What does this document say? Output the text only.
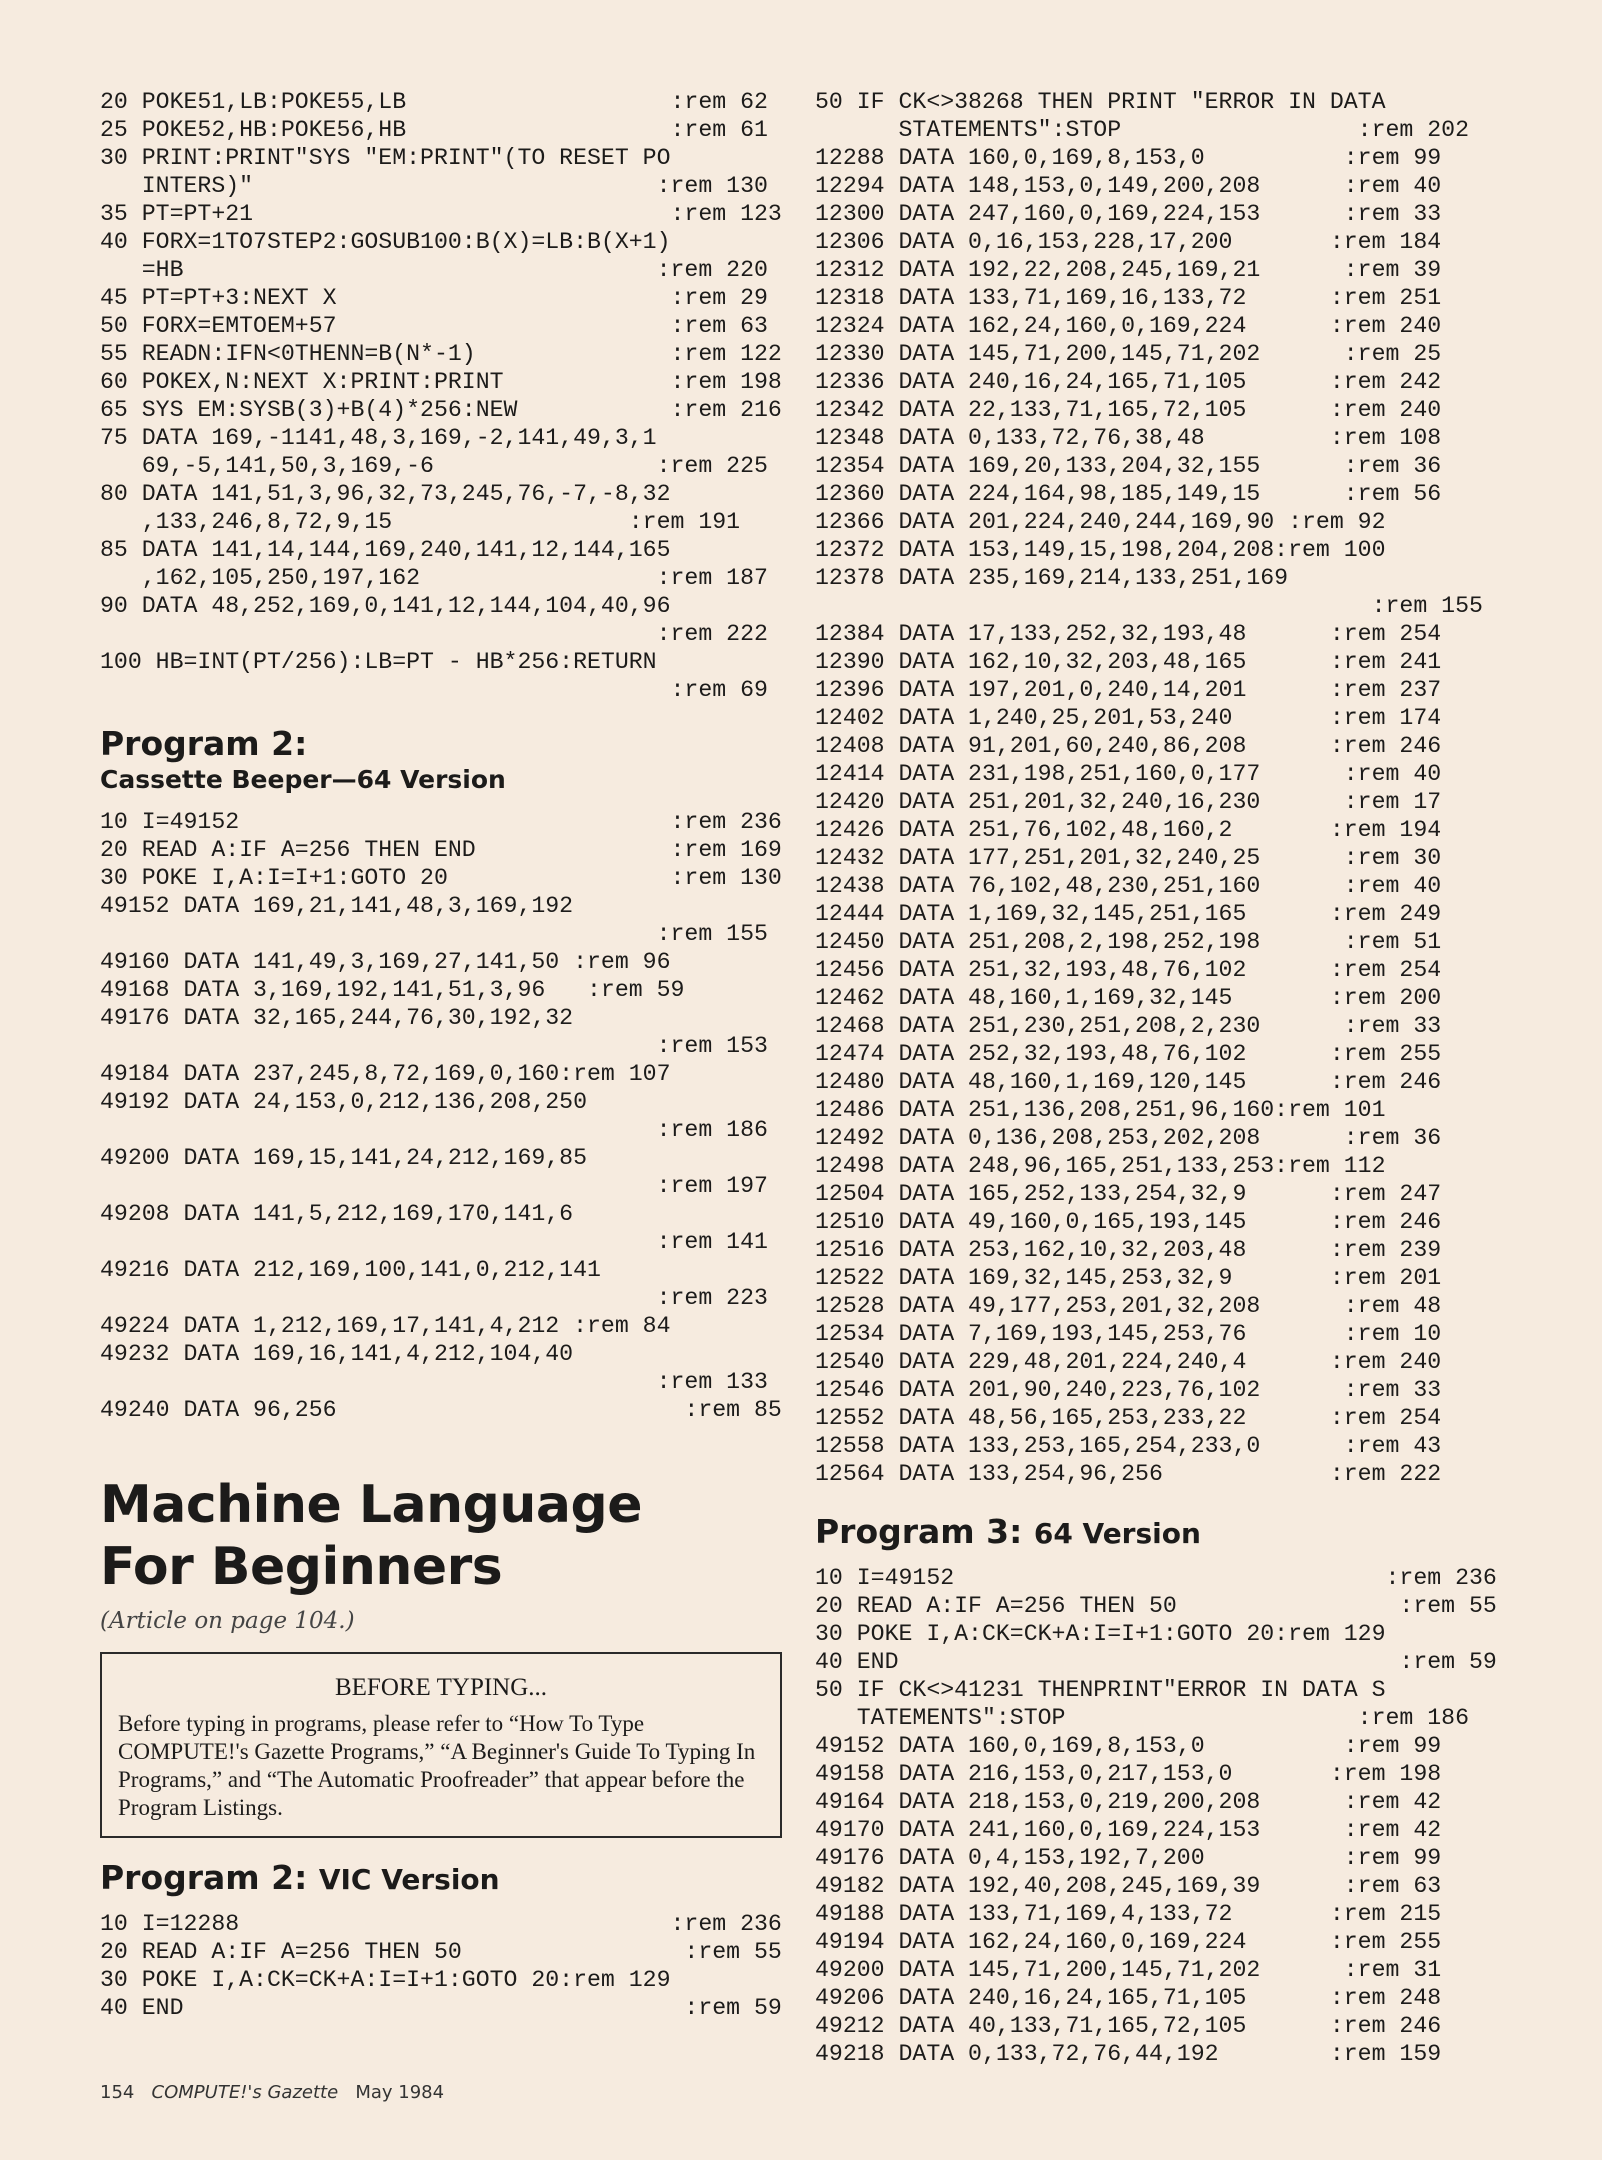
20 POKE51,LB:POKE55,LB                   :rem 62
25 POKE52,HB:POKE56,HB                   :rem 61
30 PRINT:PRINT"SYS "EM:PRINT"(TO RESET PO
INTERS)"                             :rem 130
35 PT=PT+21                              :rem 123
40 FORX=1TO7STEP2:GOSUB100:B(X)=LB:B(X+1)
=HB                                  :rem 220
45 PT=PT+3:NEXT X                        :rem 29
50 FORX=EMTOEM+57                        :rem 63
55 READN:IFN<0THENN=B(N*-1)              :rem 122
60 POKEX,N:NEXT X:PRINT:PRINT            :rem 198
65 SYS EM:SYSB(3)+B(4)*256:NEW           :rem 216
75 DATA 169,-1141,48,3,169,-2,141,49,3,1
69,-5,141,50,3,169,-6                :rem 225
80 DATA 141,51,3,96,32,73,245,76,-7,-8,32
,133,246,8,72,9,15                 :rem 191
85 DATA 141,14,144,169,240,141,12,144,165
,162,105,250,197,162                 :rem 187
90 DATA 48,252,169,0,141,12,144,104,40,96
:rem 222
100 HB=INT(PT/256):LB=PT - HB*256:RETURN
:rem 69

Program 2:

Cassette Beeper—64 Version

10 I=49152                               :rem 236
20 READ A:IF A=256 THEN END              :rem 169
30 POKE I,A:I=I+1:GOTO 20                :rem 130
49152 DATA 169,21,141,48,3,169,192
:rem 155
49160 DATA 141,49,3,169,27,141,50 :rem 96
49168 DATA 3,169,192,141,51,3,96   :rem 59
49176 DATA 32,165,244,76,30,192,32
:rem 153
49184 DATA 237,245,8,72,169,0,160:rem 107
49192 DATA 24,153,0,212,136,208,250
:rem 186
49200 DATA 169,15,141,24,212,169,85
:rem 197
49208 DATA 141,5,212,169,170,141,6
:rem 141
49216 DATA 212,169,100,141,0,212,141
:rem 223
49224 DATA 1,212,169,17,141,4,212 :rem 84
49232 DATA 169,16,141,4,212,104,40
:rem 133
49240 DATA 96,256                         :rem 85

Machine Language

For Beginners

(Article on page 104.)

BEFORE TYPING...

Before typing in programs, please refer to “How To Type COMPUTE!'s Gazette Programs,” “A Beginner's Guide To Typing In Programs,” and “The Automatic Proofreader” that appear before the Program Listings.

Program 2: VIC Version

10 I=12288                               :rem 236
20 READ A:IF A=256 THEN 50                :rem 55
30 POKE I,A:CK=CK+A:I=I+1:GOTO 20:rem 129
40 END                                    :rem 59
50 IF CK<>38268 THEN PRINT "ERROR IN DATA
STATEMENTS":STOP                 :rem 202
12288 DATA 160,0,169,8,153,0          :rem 99
12294 DATA 148,153,0,149,200,208      :rem 40
12300 DATA 247,160,0,169,224,153      :rem 33
12306 DATA 0,16,153,228,17,200       :rem 184
12312 DATA 192,22,208,245,169,21      :rem 39
12318 DATA 133,71,169,16,133,72      :rem 251
12324 DATA 162,24,160,0,169,224      :rem 240
12330 DATA 145,71,200,145,71,202      :rem 25
12336 DATA 240,16,24,165,71,105      :rem 242
12342 DATA 22,133,71,165,72,105      :rem 240
12348 DATA 0,133,72,76,38,48         :rem 108
12354 DATA 169,20,133,204,32,155      :rem 36
12360 DATA 224,164,98,185,149,15      :rem 56
12366 DATA 201,224,240,244,169,90 :rem 92
12372 DATA 153,149,15,198,204,208:rem 100
12378 DATA 235,169,214,133,251,169
:rem 155
12384 DATA 17,133,252,32,193,48      :rem 254
12390 DATA 162,10,32,203,48,165      :rem 241
12396 DATA 197,201,0,240,14,201      :rem 237
12402 DATA 1,240,25,201,53,240       :rem 174
12408 DATA 91,201,60,240,86,208      :rem 246
12414 DATA 231,198,251,160,0,177      :rem 40
12420 DATA 251,201,32,240,16,230      :rem 17
12426 DATA 251,76,102,48,160,2       :rem 194
12432 DATA 177,251,201,32,240,25      :rem 30
12438 DATA 76,102,48,230,251,160      :rem 40
12444 DATA 1,169,32,145,251,165      :rem 249
12450 DATA 251,208,2,198,252,198      :rem 51
12456 DATA 251,32,193,48,76,102      :rem 254
12462 DATA 48,160,1,169,32,145       :rem 200
12468 DATA 251,230,251,208,2,230      :rem 33
12474 DATA 252,32,193,48,76,102      :rem 255
12480 DATA 48,160,1,169,120,145      :rem 246
12486 DATA 251,136,208,251,96,160:rem 101
12492 DATA 0,136,208,253,202,208      :rem 36
12498 DATA 248,96,165,251,133,253:rem 112
12504 DATA 165,252,133,254,32,9      :rem 247
12510 DATA 49,160,0,165,193,145      :rem 246
12516 DATA 253,162,10,32,203,48      :rem 239
12522 DATA 169,32,145,253,32,9       :rem 201
12528 DATA 49,177,253,201,32,208      :rem 48
12534 DATA 7,169,193,145,253,76       :rem 10
12540 DATA 229,48,201,224,240,4      :rem 240
12546 DATA 201,90,240,223,76,102      :rem 33
12552 DATA 48,56,165,253,233,22      :rem 254
12558 DATA 133,253,165,254,233,0      :rem 43
12564 DATA 133,254,96,256            :rem 222

Program 3: 64 Version

10 I=49152                               :rem 236
20 READ A:IF A=256 THEN 50                :rem 55
30 POKE I,A:CK=CK+A:I=I+1:GOTO 20:rem 129
40 END                                    :rem 59
50 IF CK<>41231 THENPRINT"ERROR IN DATA S
TATEMENTS":STOP                     :rem 186
49152 DATA 160,0,169,8,153,0          :rem 99
49158 DATA 216,153,0,217,153,0       :rem 198
49164 DATA 218,153,0,219,200,208      :rem 42
49170 DATA 241,160,0,169,224,153      :rem 42
49176 DATA 0,4,153,192,7,200          :rem 99
49182 DATA 192,40,208,245,169,39      :rem 63
49188 DATA 133,71,169,4,133,72       :rem 215
49194 DATA 162,24,160,0,169,224      :rem 255
49200 DATA 145,71,200,145,71,202      :rem 31
49206 DATA 240,16,24,165,71,105      :rem 248
49212 DATA 40,133,71,165,72,105      :rem 246
49218 DATA 0,133,72,76,44,192        :rem 159
154 COMPUTE!'s Gazette May 1984
